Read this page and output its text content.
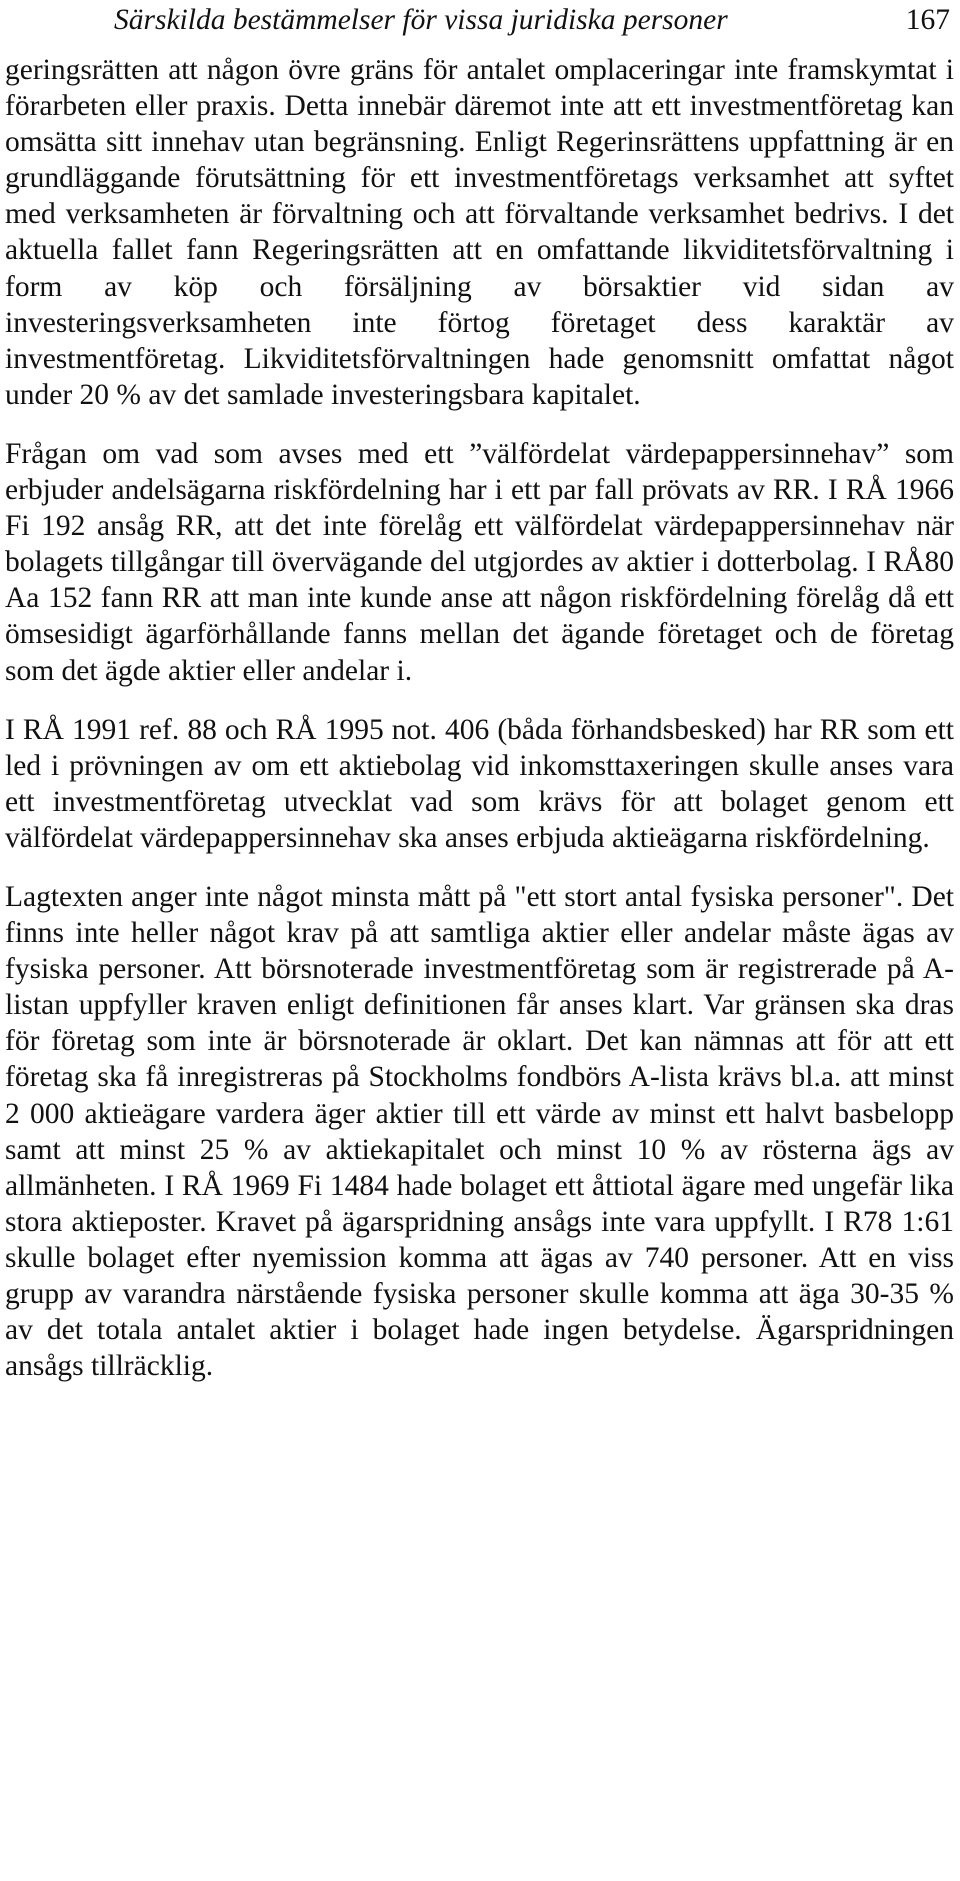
Särskilda bestämmelser för vissa juridiska personer	167

geringsrätten att någon övre gräns för antalet omplaceringar inte framskymtat i förarbeten eller praxis. Detta innebär däremot inte att ett investmentföretag kan omsätta sitt innehav utan begränsning. Enligt Regerinsrättens uppfattning är en grundläggande förutsättning för ett investmentföretags verksamhet att syftet med verksamheten är förvaltning och att förvaltande verksamhet bedrivs. I det aktuella fallet fann Regeringsrätten att en omfattande likviditetsförvaltning i form av köp och försäljning av börsaktier vid sidan av investeringsverksamheten inte förtog företaget dess karaktär av investmentföretag. Likviditetsförvaltningen hade genomsnitt omfattat något under 20 % av det samlade investeringsbara kapitalet.

Frågan om vad som avses med ett ”välfördelat värdepappersinnehav” som erbjuder andelsägarna riskfördelning har i ett par fall prövats av RR. I RÅ 1966 Fi 192 ansåg RR, att det inte förelåg ett välfördelat värdepappersinnehav när bolagets tillgångar till övervägande del utgjordes av aktier i dotterbolag. I RÅ80 Aa 152 fann RR att man inte kunde anse att någon riskfördelning förelåg då ett ömsesidigt ägarförhållande fanns mellan det ägande företaget och de företag som det ägde aktier eller andelar i.

I RÅ 1991 ref. 88 och RÅ 1995 not. 406 (båda förhandsbesked) har RR som ett led i prövningen av om ett aktiebolag vid inkomsttaxeringen skulle anses vara ett investmentföretag utvecklat vad som krävs för att bolaget genom ett välfördelat värdepappersinnehav ska anses erbjuda aktieägarna riskfördelning.

Lagtexten anger inte något minsta mått på "ett stort antal fysiska personer". Det finns inte heller något krav på att samtliga aktier eller andelar måste ägas av fysiska personer. Att börsnoterade investmentföretag som är registrerade på A-listan uppfyller kraven enligt definitionen får anses klart. Var gränsen ska dras för företag som inte är börsnoterade är oklart. Det kan nämnas att för att ett företag ska få inregistreras på Stockholms fondbörs A-lista krävs bl.a. att minst 2 000 aktieägare vardera äger aktier till ett värde av minst ett halvt basbelopp samt att minst 25 % av aktiekapitalet och minst 10 % av rösterna ägs av allmänheten. I RÅ 1969 Fi 1484 hade bolaget ett åttiotal ägare med ungefär lika stora aktieposter. Kravet på ägarspridning ansågs inte vara uppfyllt. I R78 1:61 skulle bolaget efter nyemission komma att ägas av 740 personer. Att en viss grupp av varandra närstående fysiska personer skulle komma att äga 30-35 % av det totala antalet aktier i bolaget hade ingen betydelse. Ägarspridningen ansågs tillräcklig.
